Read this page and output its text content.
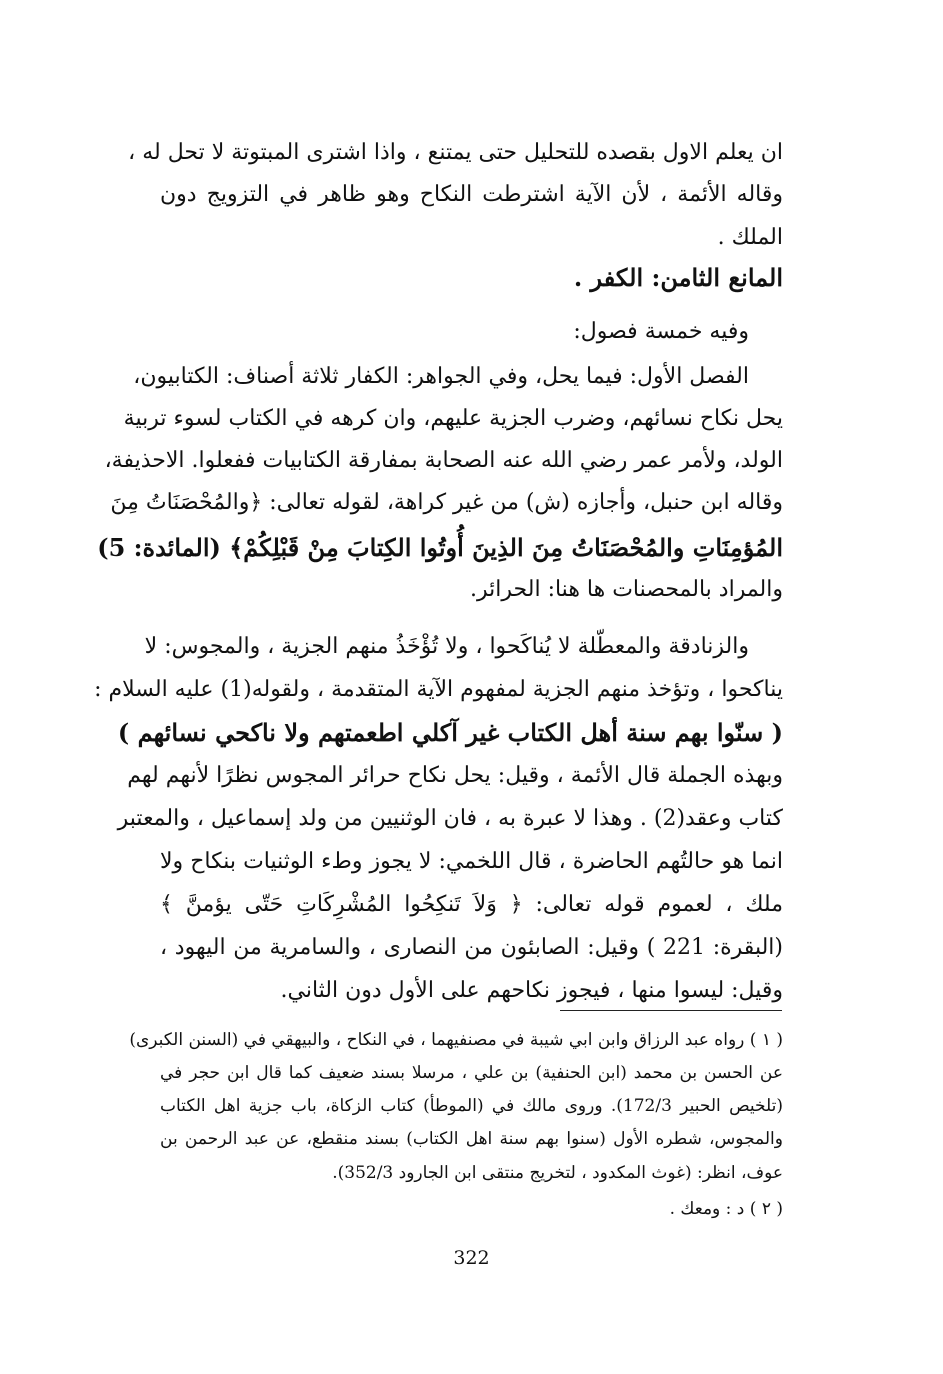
ان يعلم الاول بقصده للتحليل حتى يمتنع ، واذا اشترى المبتوتة لا تحل له ،
وقاله الأئمة ، لأن الآية اشترطت النكاح وهو ظاهر في التزويج دون
الملك .
المانع الثامن: الكفر .
وفيه خمسة فصول:
الفصل الأول: فيما يحل، وفي الجواهر: الكفار ثلاثة أصناف: الكتابيون،
يحل نكاح نسائهم، وضرب الجزية عليهم، وان كرهه في الكتاب لسوء تربية
الولد، ولأمر عمر رضي الله عنه الصحابة بمفارقة الكتابيات ففعلوا. الاحذيفة،
وقاله ابن حنبل، وأجازه (ش) من غير كراهة، لقوله تعالى: ﴿والمُحْصَنَاتُ مِنَ
المُؤمِنَاتِ والمُحْصَنَاتُ مِنَ الذِينَ أُوتُوا الكِتابَ مِنْ قَبْلِكُمْ﴾ (المائدة: 5)
والمراد بالمحصنات ها هنا: الحرائر.
والزنادقة والمعطّلة لا يُناكَحوا ، ولا تُؤْخَذُ منهم الجزية ، والمجوس: لا
يناكحوا ، وتؤخذ منهم الجزية لمفهوم الآية المتقدمة ، ولقوله(1) عليه السلام :
( سنّوا بهم سنة أهل الكتاب غير آكلي اطعمتهم ولا ناكحي نسائهم )
وبهذه الجملة قال الأئمة ، وقيل: يحل نكاح حرائر المجوس نظرًا لأنهم لهم
كتاب وعقد(2) . وهذا لا عبرة به ، فان الوثنيين من ولد إسماعيل ، والمعتبر
انما هو حالتُهم الحاضرة ، قال اللخمي: لا يجوز وطء الوثنيات بنكاح ولا
ملك ، لعموم قوله تعالى: ﴿ وَلاَ تَنكِحُوا المُشْرِكَاتِ حَتّى يؤمنَّ ﴾
(البقرة: 221 ) وقيل: الصابئون من النصارى ، والسامرية من اليهود ،
وقيل: ليسوا منها ، فيجوز نكاحهم على الأول دون الثاني.
( ١ ) رواه عبد الرزاق وابن ابي شيبة في مصنفيهما ، في النكاح ، والبيهقي في (السنن الكبرى)
عن الحسن بن محمد (ابن الحنفية) بن علي ، مرسلا بسند ضعيف كما قال ابن حجر في
(تلخيص الحبير 172/3). وروى مالك في (الموطأ) كتاب الزكاة، باب جزية اهل الكتاب
والمجوس، شطره الأول (سنوا بهم سنة اهل الكتاب) بسند منقطع، عن عبد الرحمن بن
عوف، انظر: (غوث المكدود ، لتخريج منتقى ابن الجارود 352/3).
( ٢ ) د : ومعك .
322
